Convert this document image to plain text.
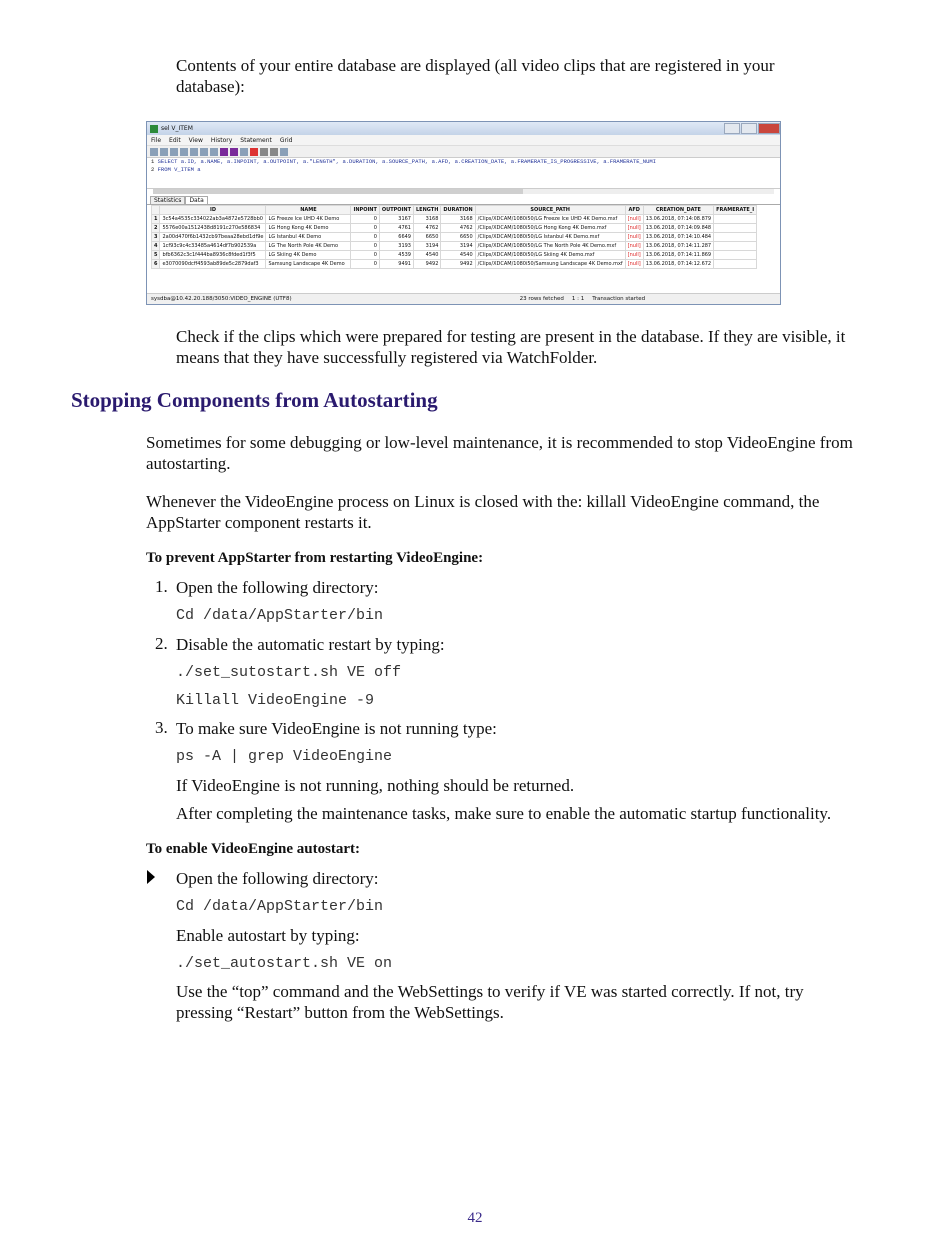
Contents of your entire database are displayed (all video clips that are registered in your database):

sel V_ITEM
File Edit View History Statement Grid
1 SELECT a.ID, a.NAME, a.INPOINT, a.OUTPOINT, a."LENGTH", a.DURATION, a.SOURCE_PATH, a.AFD, a.CREATION_DATE, a.FRAMERATE_IS_PROGRESSIVE, a.FRAMERATE_NUMI
2 FROM V_ITEM a
Statistics	Data
	ID	NAME	INPOINT	OUTPOINT	LENGTH	DURATION	SOURCE_PATH	AFD	CREATION_DATE	FRAMERATE_I
1	3c54a4535c334022ab3a4872e5728bb0	LG Freeze Ice UHD 4K Demo	0	3167	3168	3168	/Clips/XDCAM/1080i50/LG Freeze Ice UHD 4K Demo.mxf	[null]	13.06.2018, 07:14:08.879	
2	5576e00a1512438d8191c270e586834	LG Hong Kong 4K Demo	0	4761	4762	4762	/Clips/XDCAM/1080i50/LG Hong Kong 4K Demo.mxf	[null]	13.06.2018, 07:14:09.848	
3	2a00d470f6b1432cb97beaa28ebd1df9e	LG Istanbul 4K Demo	0	6649	6650	6650	/Clips/XDCAM/1080i50/LG Istanbul 4K Demo.mxf	[null]	13.06.2018, 07:14:10.484	
4	1cf93c9c4c33485a4614df7b902539a	LG The North Pole 4K Demo	0	3193	3194	3194	/Clips/XDCAM/1080i50/LG The North Pole 4K Demo.mxf	[null]	13.06.2018, 07:14:11.287	
5	bfb6362c3c1f444ba8936c8fded1f3f5	LG Skiing 4K Demo	0	4539	4540	4540	/Clips/XDCAM/1080i50/LG Skiing 4K Demo.mxf	[null]	13.06.2018, 07:14:11.869	
6	e3070090dcff4593ab89de5c2879daf3	Samsung Landscape 4K Demo	0	9491	9492	9492	/Clips/XDCAM/1080i50/Samsung Landscape 4K Demo.mxf	[null]	13.06.2018, 07:14:12.672	
sysdba@10.42.20.188/3050:VIDEO_ENGINE (UTF8)	23 rows fetched	1 : 1	Transaction started

Check if the clips which were prepared for testing are present in the database. If they are visible, it means that they have successfully registered via WatchFolder.

Stopping Components from Autostarting

Sometimes for some debugging or low-level maintenance, it is recommended to stop VideoEngine from autostarting.

Whenever the VideoEngine process on Linux is closed with the: killall VideoEngine command, the AppStarter component restarts it.

To prevent AppStarter from restarting VideoEngine:
1. Open the following directory:
Cd /data/AppStarter/bin
2. Disable the automatic restart by typing:
./set_sutostart.sh VE off
Killall VideoEngine -9
3. To make sure VideoEngine is not running type:
ps -A | grep VideoEngine
If VideoEngine is not running, nothing should be returned.
After completing the maintenance tasks, make sure to enable the automatic startup functionality.
To enable VideoEngine autostart:
Open the following directory:
Cd /data/AppStarter/bin
Enable autostart by typing:
./set_autostart.sh VE on

Use the “top” command and the WebSettings to verify if VE was started correctly. If not, try pressing “Restart” button from the WebSettings.

42
